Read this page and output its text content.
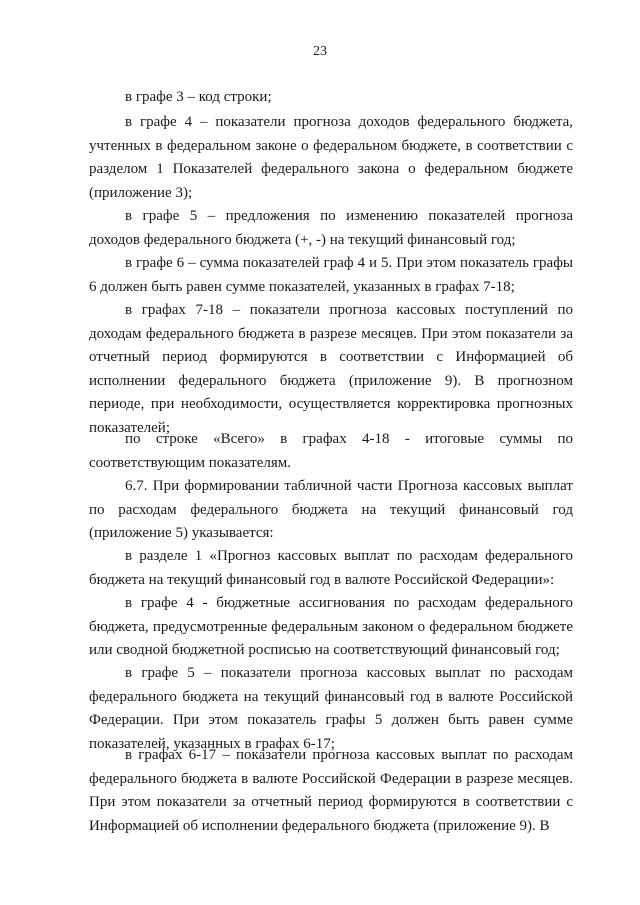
23

в графе 3 – код строки;

в графе 4 – показатели прогноза доходов федерального бюджета, учтенных в федеральном законе о федеральном бюджете, в соответствии с разделом 1 Показателей федерального закона о федеральном бюджете (приложение 3);

в графе 5 – предложения по изменению показателей прогноза доходов федерального бюджета (+, -) на текущий финансовый год;

в графе 6 – сумма показателей граф 4 и 5. При этом показатель графы 6 должен быть равен сумме показателей, указанных в графах 7-18;

в графах 7-18 – показатели прогноза кассовых поступлений по доходам федерального бюджета в разрезе месяцев. При этом показатели за отчетный период формируются в соответствии с Информацией об исполнении федерального бюджета (приложение 9). В прогнозном периоде, при необходимости, осуществляется корректировка прогнозных показателей;

по строке «Всего» в графах 4-18 - итоговые суммы по соответствующим показателям.

6.7. При формировании табличной части Прогноза кассовых выплат по расходам федерального бюджета на текущий финансовый год (приложение 5) указывается:

в разделе 1 «Прогноз кассовых выплат по расходам федерального бюджета на текущий финансовый год в валюте Российской Федерации»:

в графе 4 - бюджетные ассигнования по расходам федерального бюджета, предусмотренные федеральным законом о федеральном бюджете или сводной бюджетной росписью на соответствующий финансовый год;

в графе 5 – показатели прогноза кассовых выплат по расходам федерального бюджета на текущий финансовый год в валюте Российской Федерации. При этом показатель графы 5 должен быть равен сумме показателей, указанных в графах 6-17;

в графах 6-17 – показатели прогноза кассовых выплат по расходам федерального бюджета в валюте Российской Федерации в разрезе месяцев. При этом показатели за отчетный период формируются в соответствии с Информацией об исполнении федерального бюджета (приложение 9). В
